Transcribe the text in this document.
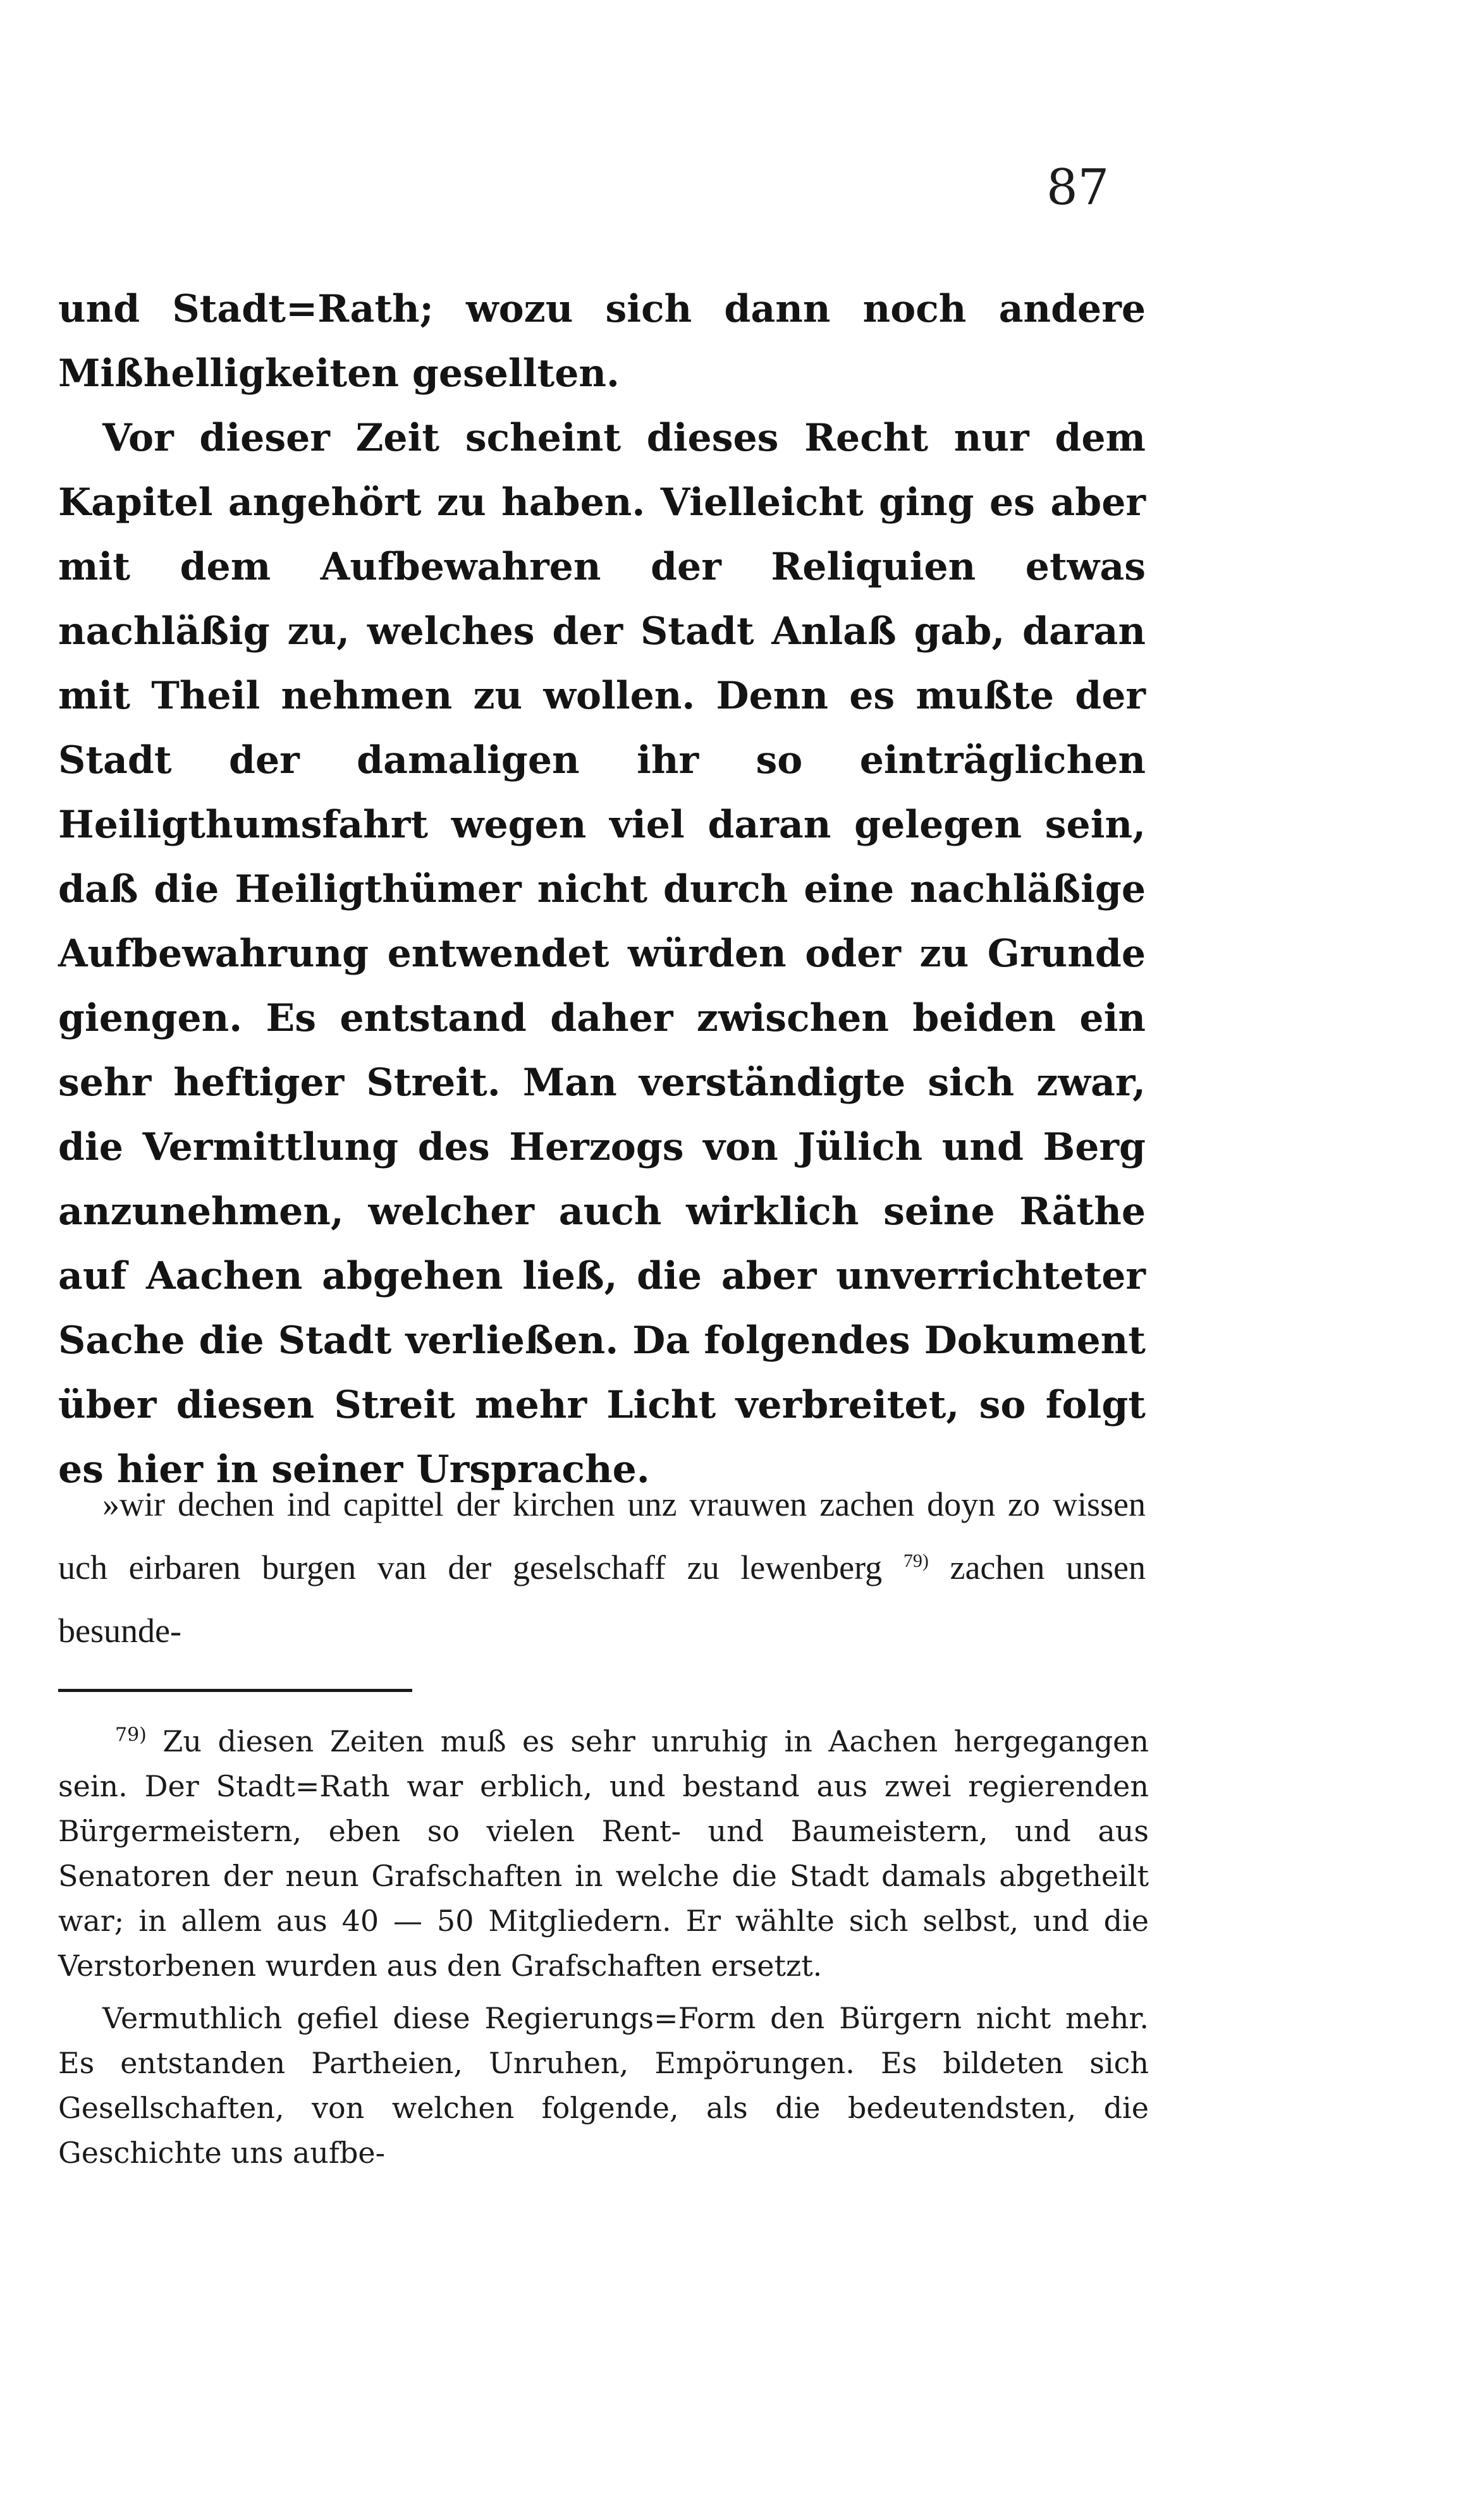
87

und Stadt=Rath; wozu sich dann noch andere Mißhelligkeiten gesellten.

Vor dieser Zeit scheint dieses Recht nur dem Kapitel angehört zu haben. Vielleicht ging es aber mit dem Aufbewahren der Reliquien etwas nachläßig zu, welches der Stadt Anlaß gab, daran mit Theil nehmen zu wollen. Denn es mußte der Stadt der damaligen ihr so einträglichen Heiligthumsfahrt wegen viel daran gelegen sein, daß die Heiligthümer nicht durch eine nachläßige Aufbewahrung entwendet würden oder zu Grunde giengen. Es entstand daher zwischen beiden ein sehr heftiger Streit. Man verständigte sich zwar, die Vermittlung des Herzogs von Jülich und Berg anzunehmen, welcher auch wirklich seine Räthe auf Aachen abgehen ließ, die aber unverrichteter Sache die Stadt verließen. Da folgendes Dokument über diesen Streit mehr Licht verbreitet, so folgt es hier in seiner Ursprache.

»wir dechen ind capittel der kirchen unz vrauwen zachen doyn zo wissen uch eirbaren burgen van der geselschaff zu lewenberg $^{79)}$ zachen unsen besunde-

$^{79)}$ Zu diesen Zeiten muß es sehr unruhig in Aachen hergegangen sein. Der Stadt=Rath war erblich, und bestand aus zwei regierenden Bürgermeistern, eben so vielen Rent- und Baumeistern, und aus Senatoren der neun Grafschaften in welche die Stadt damals abgetheilt war; in allem aus 40 — 50 Mitgliedern. Er wählte sich selbst, und die Verstorbenen wurden aus den Grafschaften ersetzt.

Vermuthlich gefiel diese Regierungs=Form den Bürgern nicht mehr. Es entstanden Partheien, Unruhen, Empörungen. Es bildeten sich Gesellschaften, von welchen folgende, als die bedeutendsten, die Geschichte uns aufbe-
